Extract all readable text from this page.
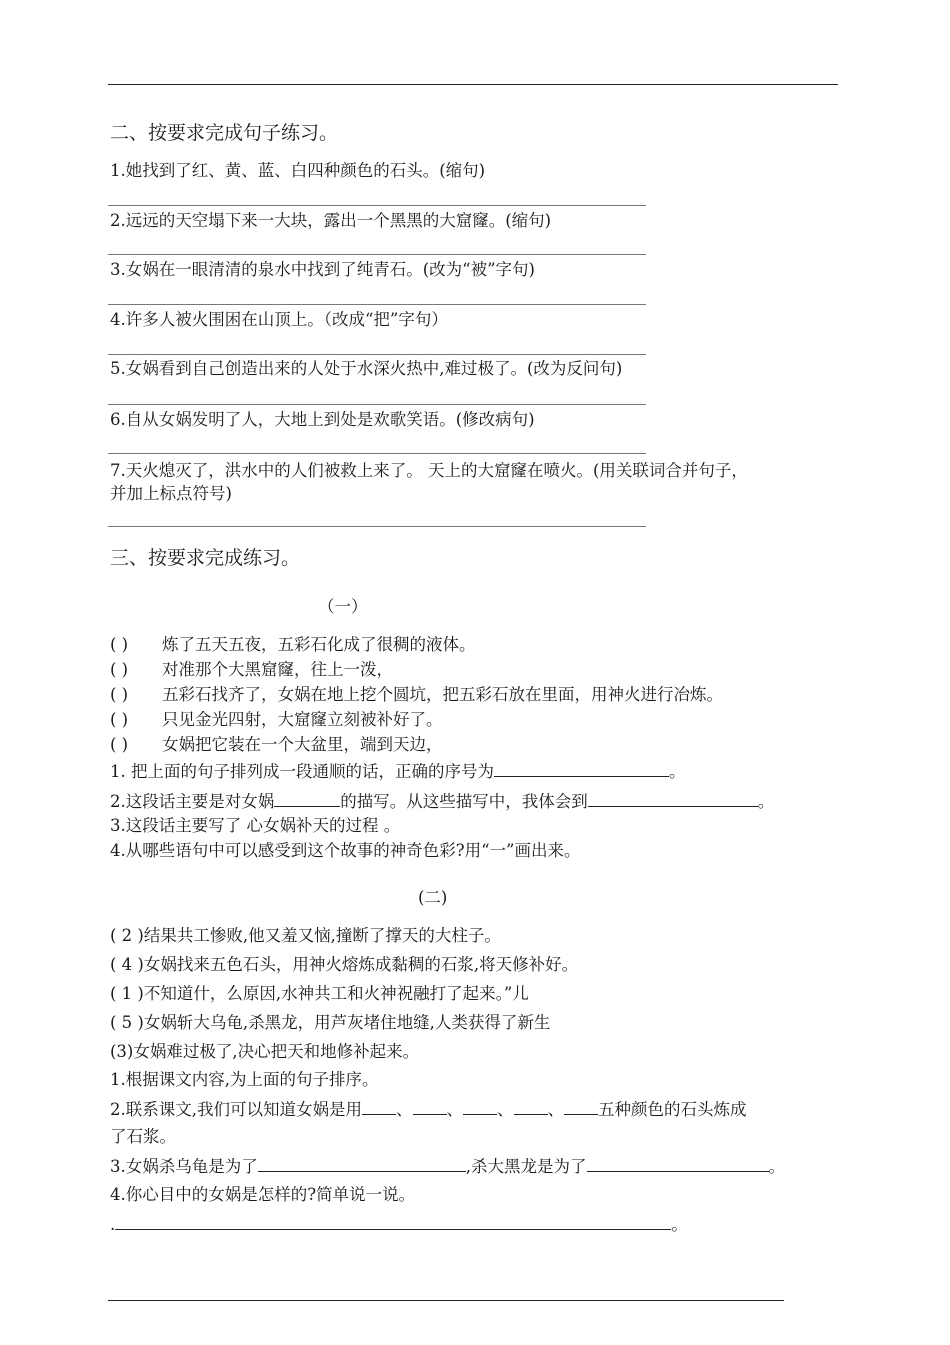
二、按要求完成句子练习。
1.她找到了红、黄、蓝、白四种颜色的石头。(缩句)
2.远远的天空塌下来一大块，露出一个黑黑的大窟窿。(缩句)
3.女娲在一眼清清的泉水中找到了纯青石。(改为“被”字句)
4.许多人被火围困在山顶上。（改成“把”字句）
5.女娲看到自己创造出来的人处于水深火热中,难过极了。(改为反问句)
6.自从女娲发明了人，大地上到处是欢歌笑语。(修改病句)
7.天火熄灭了，洪水中的人们被救上来了。 天上的大窟窿在喷火。(用关联词合并句子，
并加上标点符号)
三、按要求完成练习。
（一）
( ) 炼了五天五夜，五彩石化成了很稠的液体。
( ) 对准那个大黑窟窿，往上一泼，
( ) 五彩石找齐了，女娲在地上挖个圆坑，把五彩石放在里面，用神火进行冶炼。
( ) 只见金光四射，大窟窿立刻被补好了。
( ) 女娲把它装在一个大盆里，端到天边，
1. 把上面的句子排列成一段通顺的话，正确的序号为	。
2.这段话主要是对女娲	的描写。从这些描写中，我体会到	。
3.这段话主要写了 心女娲补天的过程 。
4.从哪些语句中可以感受到这个故事的神奇色彩?用“一”画出来。
(二)
( 2 )结果共工惨败,他又羞又恼,撞断了撑天的大柱子。
( 4 )女娲找来五色石头，用神火熔炼成黏稠的石浆,将天修补好。
( 1 )不知道什，么原因,水神共工和火神祝融打了起来。”儿
( 5 )女娲斩大乌龟,杀黑龙，用芦灰堵住地缝,人类获得了新生
(3)女娲难过极了,决心把天和地修补起来。
1.根据课文内容,为上面的句子排序。
2.联系课文,我们可以知道女娲是用 、 、 、 、 五种颜色的石头炼成
了石浆。
3.女娲杀乌龟是为了	,杀大黑龙是为了	。
4.你心目中的女娲是怎样的?简单说一说。
.	。
